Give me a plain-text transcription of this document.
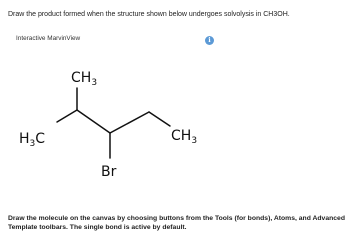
Draw the product formed when the structure shown below undergoes solvolysis in CH3OH.
Interactive MarvinView	i
$CH_3$
$H_3C$	$CH_3$
Br
Draw the molecule on the canvas by choosing buttons from the Tools (for bonds), Atoms, and Advanced Template toolbars. The single bond is active by default.
